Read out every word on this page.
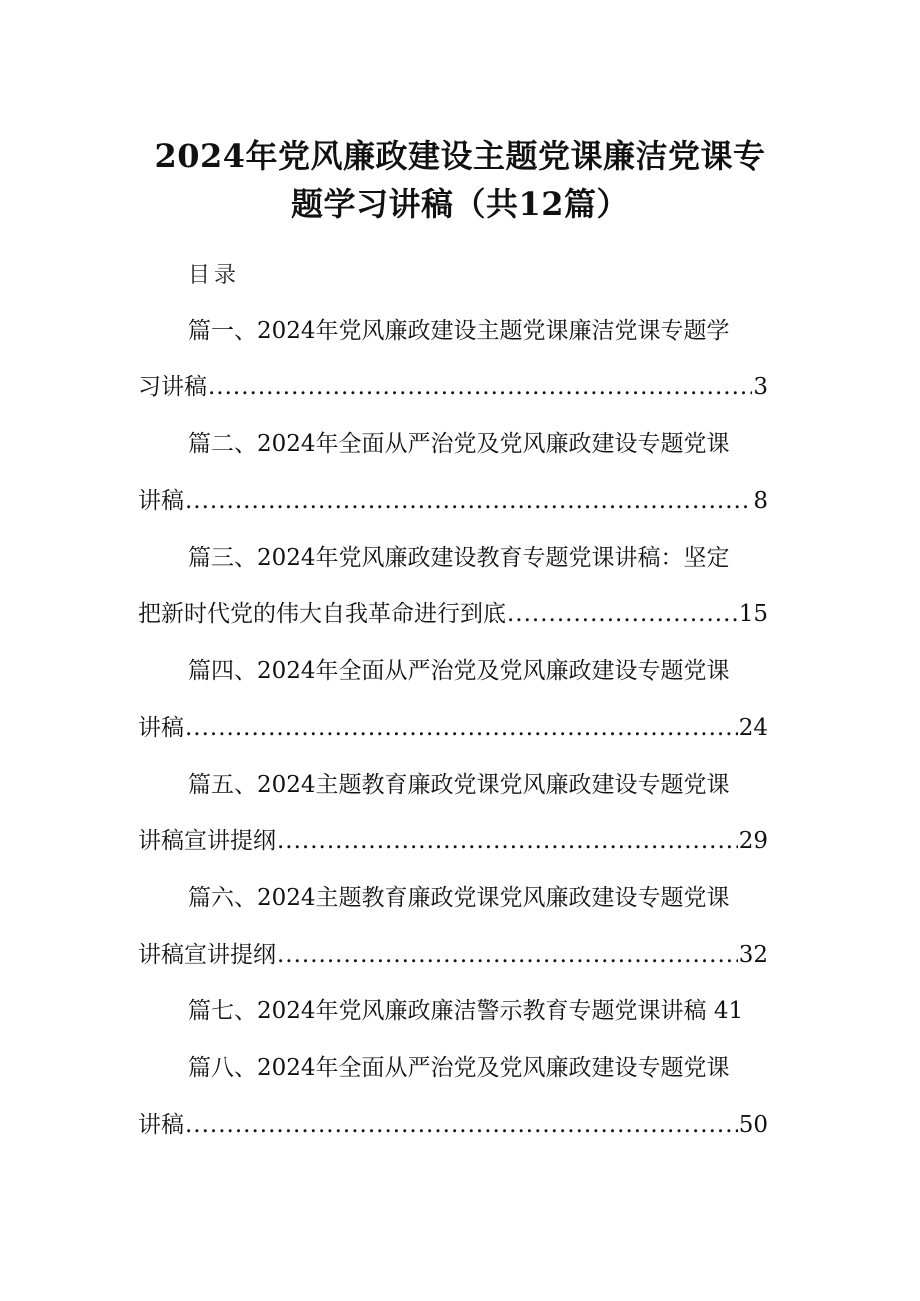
2024年党风廉政建设主题党课廉洁党课专
题学习讲稿（共12篇）
目录
篇一、2024年党风廉政建设主题党课廉洁党课专题学
习讲稿 .....	3
篇二、2024年全面从严治党及党风廉政建设专题党课
讲稿 .....	8
篇三、2024年党风廉政建设教育专题党课讲稿：坚定
把新时代党的伟大自我革命进行到底 .....	15
篇四、2024年全面从严治党及党风廉政建设专题党课
讲稿 .....	24
篇五、2024主题教育廉政党课党风廉政建设专题党课
讲稿宣讲提纲 .....	29
篇六、2024主题教育廉政党课党风廉政建设专题党课
讲稿宣讲提纲 .....	32
篇七、2024年党风廉政廉洁警示教育专题党课讲稿 41
篇八、2024年全面从严治党及党风廉政建设专题党课
讲稿 .....	50
